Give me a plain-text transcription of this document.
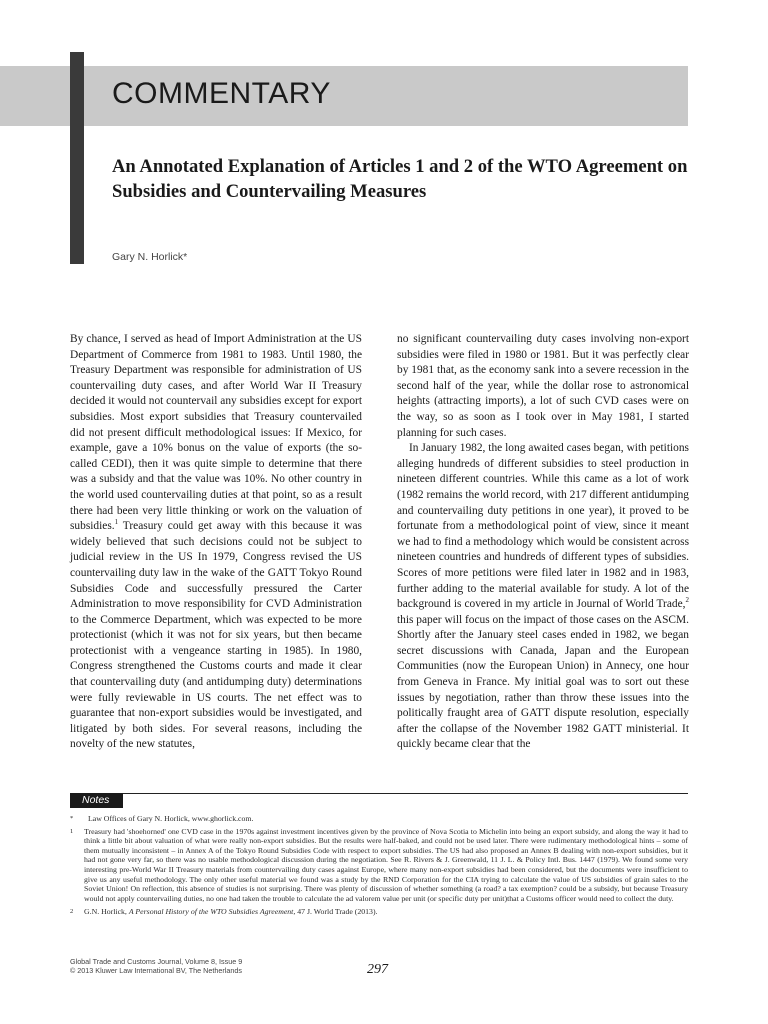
COMMENTARY
An Annotated Explanation of Articles 1 and 2 of the WTO Agreement on Subsidies and Countervailing Measures
Gary N. Horlick*

By chance, I served as head of Import Administration at the US Department of Commerce from 1981 to 1983. Until 1980, the Treasury Department was responsible for administration of US countervailing duty cases, and after World War II Treasury decided it would not countervail any subsidies except for export subsidies. Most export subsidies that Treasury countervailed did not present difficult methodological issues: If Mexico, for example, gave a 10% bonus on the value of exports (the so-called CEDI), then it was quite simple to determine that there was a subsidy and that the value was 10%. No other country in the world used countervailing duties at that point, so as a result there had been very little thinking or work on the valuation of subsidies.$^1$ Treasury could get away with this because it was widely believed that such decisions could not be subject to judicial review in the US In 1979, Congress revised the US countervailing duty law in the wake of the GATT Tokyo Round Subsidies Code and successfully pressured the Carter Administration to move responsibility for CVD Administration to the Commerce Department, which was expected to be more protectionist (which it was not for six years, but then became protectionist with a vengeance starting in 1985). In 1980, Congress strengthened the Customs courts and made it clear that countervailing duty (and antidumping duty) determinations were fully reviewable in US courts. The net effect was to guarantee that non-export subsidies would be investigated, and litigated by both sides. For several reasons, including the novelty of the new statutes,

no significant countervailing duty cases involving non-export subsidies were filed in 1980 or 1981. But it was perfectly clear by 1981 that, as the economy sank into a severe recession in the second half of the year, while the dollar rose to astronomical heights (attracting imports), a lot of such CVD cases were on the way, so as soon as I took over in May 1981, I started planning for such cases.

In January 1982, the long awaited cases began, with petitions alleging hundreds of different subsidies to steel production in nineteen different countries. While this came as a lot of work (1982 remains the world record, with 217 different antidumping and countervailing duty petitions in one year), it proved to be fortunate from a methodological point of view, since it meant we had to find a methodology which would be consistent across nineteen countries and hundreds of different types of subsidies. Scores of more petitions were filed later in 1982 and in 1983, further adding to the material available for study. A lot of the background is covered in my article in Journal of World Trade,$^2$ this paper will focus on the impact of those cases on the ASCM. Shortly after the January steel cases ended in 1982, we began secret discussions with Canada, Japan and the European Communities (now the European Union) in Annecy, one hour from Geneva in France. My initial goal was to sort out these issues by negotiation, rather than throw these issues into the politically fraught area of GATT dispute resolution, especially after the collapse of the November 1982 GATT ministerial. It quickly became clear that the

Notes
* Law Offices of Gary N. Horlick, www.ghorlick.com.
1 Treasury had 'shoehorned' one CVD case in the 1970s against investment incentives given by the province of Nova Scotia to Michelin into being an export subsidy, and along the way it had to think a little bit about valuation of what were really non-export subsidies. But the results were half-baked, and could not be used later. There were rudimentary methodological hints – some of them mutually inconsistent – in Annex A of the Tokyo Round Subsidies Code with respect to export subsidies. The US had also proposed an Annex B dealing with non-export subsidies, but it had not gone very far, so there was no usable methodological discussion during the negotiation. See R. Rivers & J. Greenwald, 11 J. L. & Policy Intl. Bus. 1447 (1979). We found some very interesting pre-World War II Treasury materials from countervailing duty cases against Europe, where many non-export subsidies had been considered, but the documents were insufficient to give us any useful methodology. The only other useful material we found was a study by the RND Corporation for the CIA trying to calculate the value of US subsidies of grain sales to the Soviet Union! On reflection, this absence of studies is not surprising. There was plenty of discussion of whether something (a road? a tax exemption? could be a subsidy, but because Treasury would not apply countervailing duties, no one had taken the trouble to calculate the ad valorem value per unit (or specific duty per unit)that a Customs officer would need to collect the duty.
2 G.N. Horlick, A Personal History of the WTO Subsidies Agreement, 47 J. World Trade (2013).
Global Trade and Customs Journal, Volume 8, Issue 9
© 2013 Kluwer Law International BV, The Netherlands	297
